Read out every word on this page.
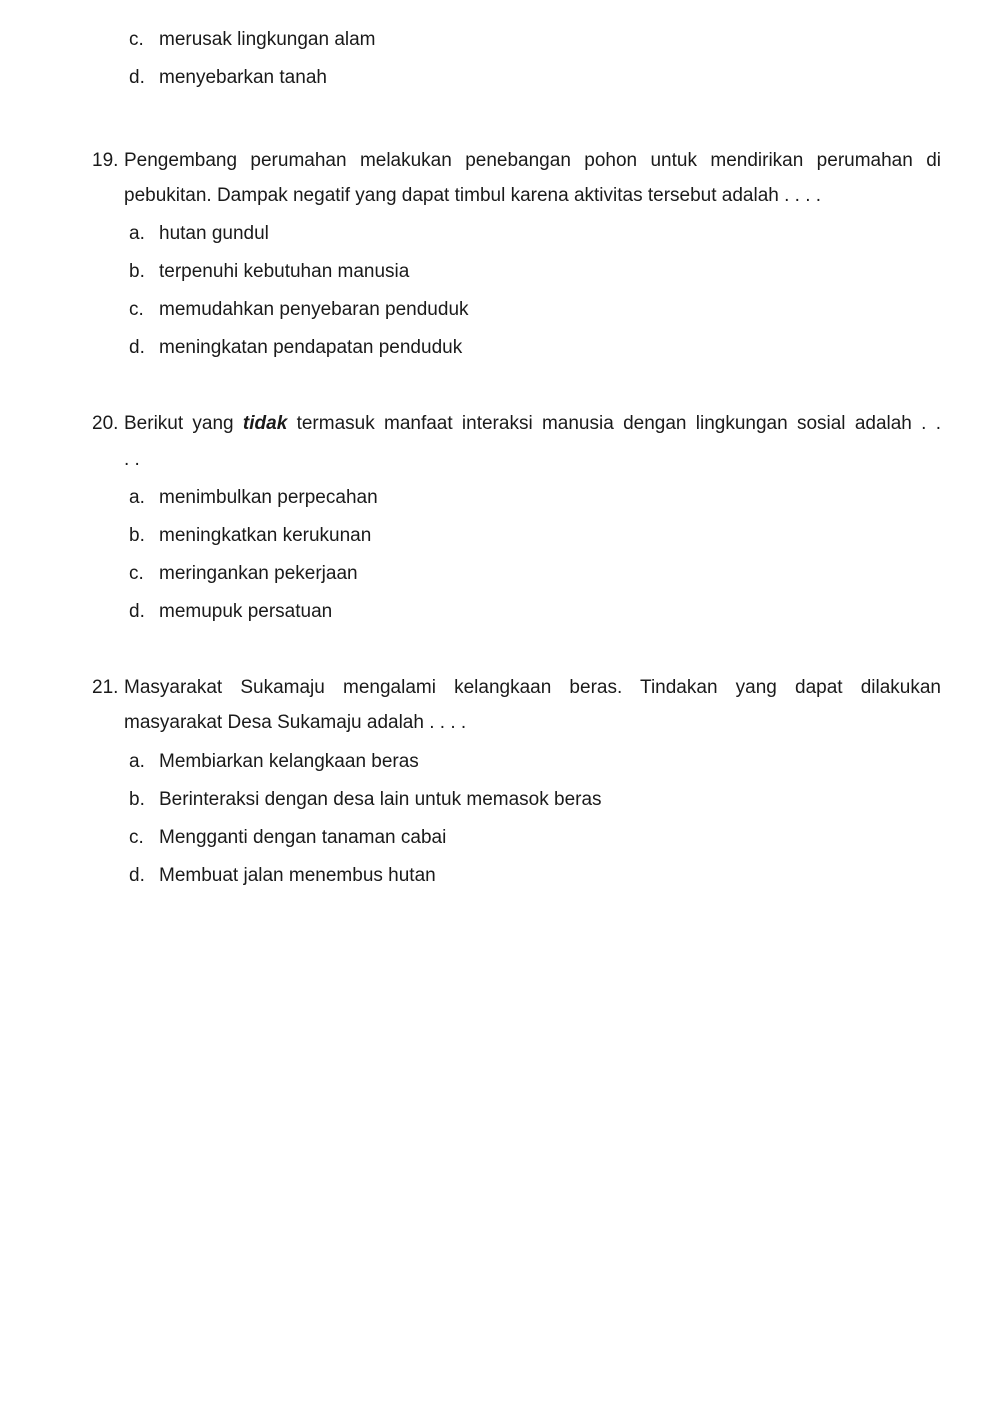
c. merusak lingkungan alam
d. menyebarkan tanah
19. Pengembang perumahan melakukan penebangan pohon untuk mendirikan perumahan di
pebukitan. Dampak negatif yang dapat timbul karena aktivitas tersebut adalah . . . .
a. hutan gundul
b. terpenuhi kebutuhan manusia
c. memudahkan penyebaran penduduk
d. meningkatan pendapatan penduduk
20. Berikut yang tidak termasuk manfaat interaksi manusia dengan lingkungan sosial adalah . .
. .
a. menimbulkan perpecahan
b. meningkatkan kerukunan
c. meringankan pekerjaan
d. memupuk persatuan
21. Masyarakat Sukamaju mengalami kelangkaan beras. Tindakan yang dapat dilakukan
masyarakat Desa Sukamaju adalah . . . .
a. Membiarkan kelangkaan beras
b. Berinteraksi dengan desa lain untuk memasok beras
c. Mengganti dengan tanaman cabai
d. Membuat jalan menembus hutan
